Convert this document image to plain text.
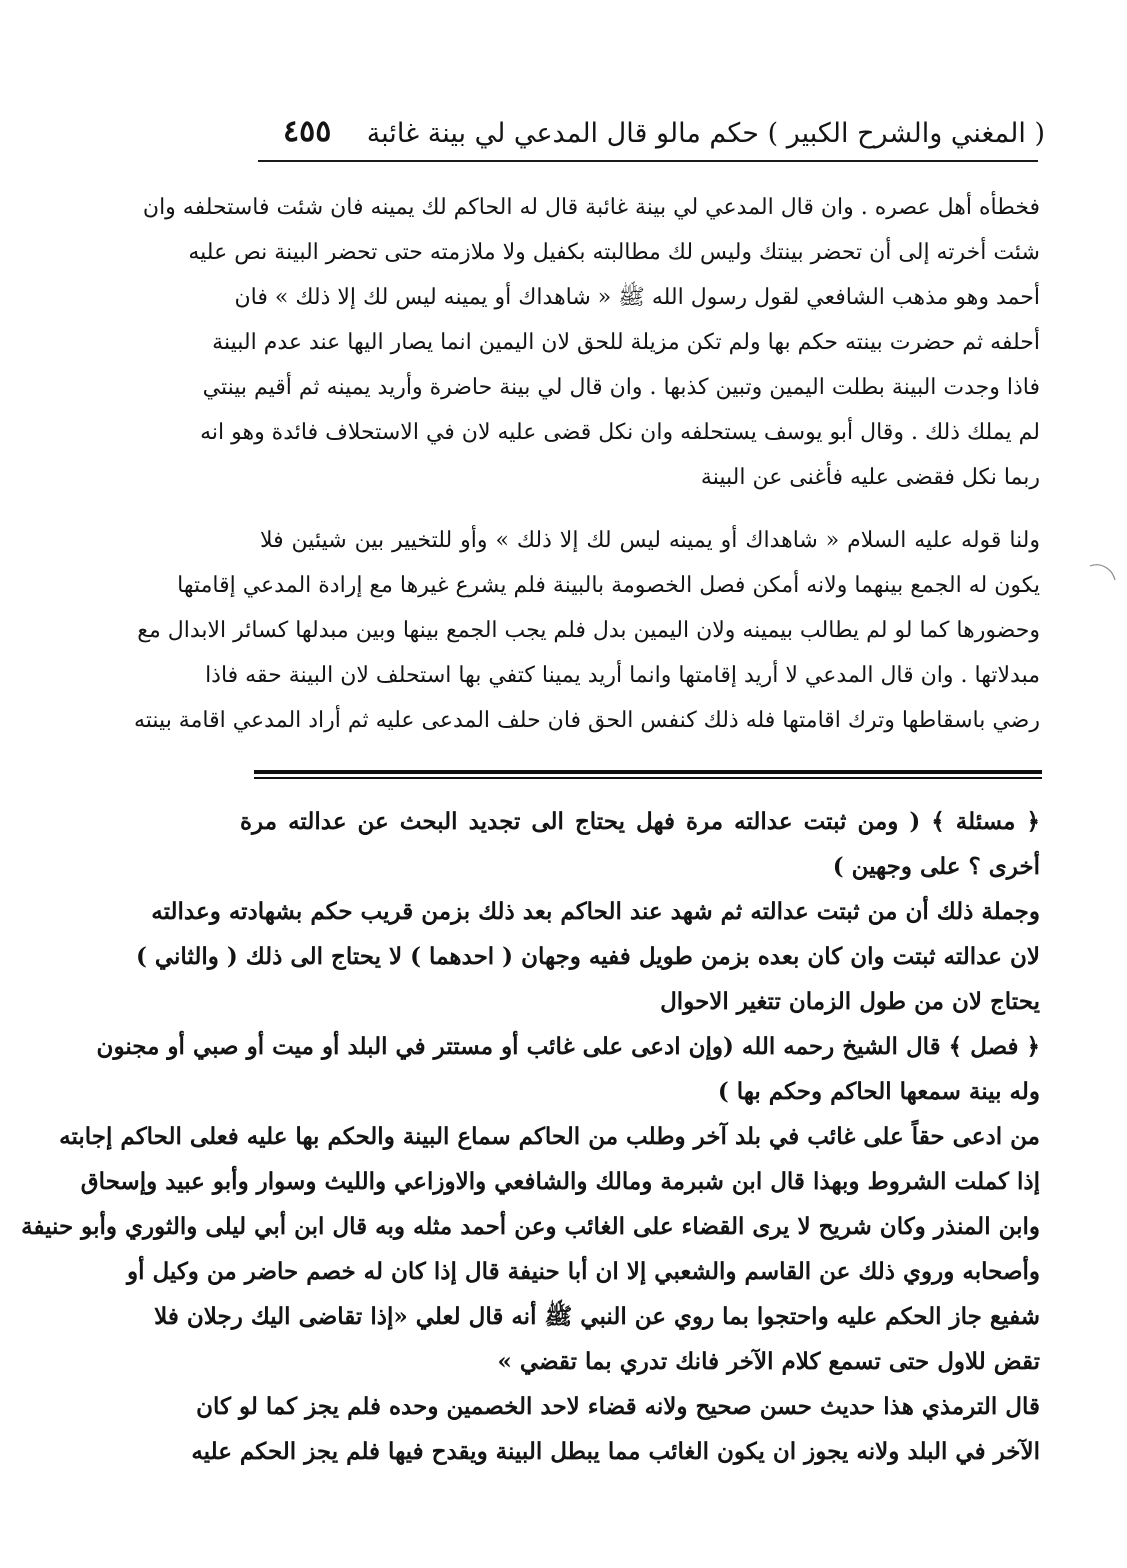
( المغني والشرح الكبير ) حكم مالو قال المدعي لي بينة غائبة
٤٥٥
فخطأه أهل عصره . وان قال المدعي لي بينة غائبة قال له الحاكم لك يمينه فان شئت فاستحلفه وان
شئت أخرته إلى أن تحضر بينتك وليس لك مطالبته بكفيل ولا ملازمته حتى تحضر البينة نص عليه
أحمد وهو مذهب الشافعي لقول رسول الله ﷺ « شاهداك أو يمينه ليس لك إلا ذلك » فان
أحلفه ثم حضرت بينته حكم بها ولم تكن مزيلة للحق لان اليمين انما يصار اليها عند عدم البينة
فاذا وجدت البينة بطلت اليمين وتبين كذبها . وان قال لي بينة حاضرة وأريد يمينه ثم أقيم بينتي
لم يملك ذلك . وقال أبو يوسف يستحلفه وان نكل قضى عليه لان في الاستحلاف فائدة وهو انه
ربما نكل فقضى عليه فأغنى عن البينة
ولنا قوله عليه السلام « شاهداك أو يمينه ليس لك إلا ذلك » وأو للتخيير بين شيئين فلا
يكون له الجمع بينهما ولانه أمكن فصل الخصومة بالبينة فلم يشرع غيرها مع إرادة المدعي إقامتها
وحضورها كما لو لم يطالب بيمينه ولان اليمين بدل فلم يجب الجمع بينها وبين مبدلها كسائر الابدال مع
مبدلاتها . وان قال المدعي لا أريد إقامتها وانما أريد يمينا كتفي بها استحلف لان البينة حقه فاذا
رضي باسقاطها وترك اقامتها فله ذلك كنفس الحق فان حلف المدعى عليه ثم أراد المدعي اقامة بينته
﴿ مسئلة ﴾ ( ومن ثبتت عدالته مرة فهل يحتاج الى تجديد البحث عن عدالته مرة
أخرى ؟ على وجهين )
وجملة ذلك أن من ثبتت عدالته ثم شهد عند الحاكم بعد ذلك بزمن قريب حكم بشهادته وعدالته
لان عدالته ثبتت وان كان بعده بزمن طويل ففيه وجهان ( احدهما ) لا يحتاج الى ذلك ( والثاني )
يحتاج لان من طول الزمان تتغير الاحوال
﴿ فصل ﴾ قال الشيخ رحمه الله (وإن ادعى على غائب أو مستتر في البلد أو ميت أو صبي أو مجنون
وله بينة سمعها الحاكم وحكم بها )
من ادعى حقاً على غائب في بلد آخر وطلب من الحاكم سماع البينة والحكم بها عليه فعلى الحاكم إجابته
إذا كملت الشروط وبهذا قال ابن شبرمة ومالك والشافعي والاوزاعي والليث وسوار وأبو عبيد وإسحاق
وابن المنذر وكان شريح لا يرى القضاء على الغائب وعن أحمد مثله وبه قال ابن أبي ليلى والثوري وأبو حنيفة
وأصحابه وروي ذلك عن القاسم والشعبي إلا ان أبا حنيفة قال إذا كان له خصم حاضر من وكيل أو
شفيع جاز الحكم عليه واحتجوا بما روي عن النبي ﷺ أنه قال لعلي «إذا تقاضى اليك رجلان فلا
تقض للاول حتى تسمع كلام الآخر فانك تدري بما تقضي »
قال الترمذي هذا حديث حسن صحيح ولانه قضاء لاحد الخصمين وحده فلم يجز كما لو كان
الآخر في البلد ولانه يجوز ان يكون الغائب مما يبطل البينة ويقدح فيها فلم يجز الحكم عليه
